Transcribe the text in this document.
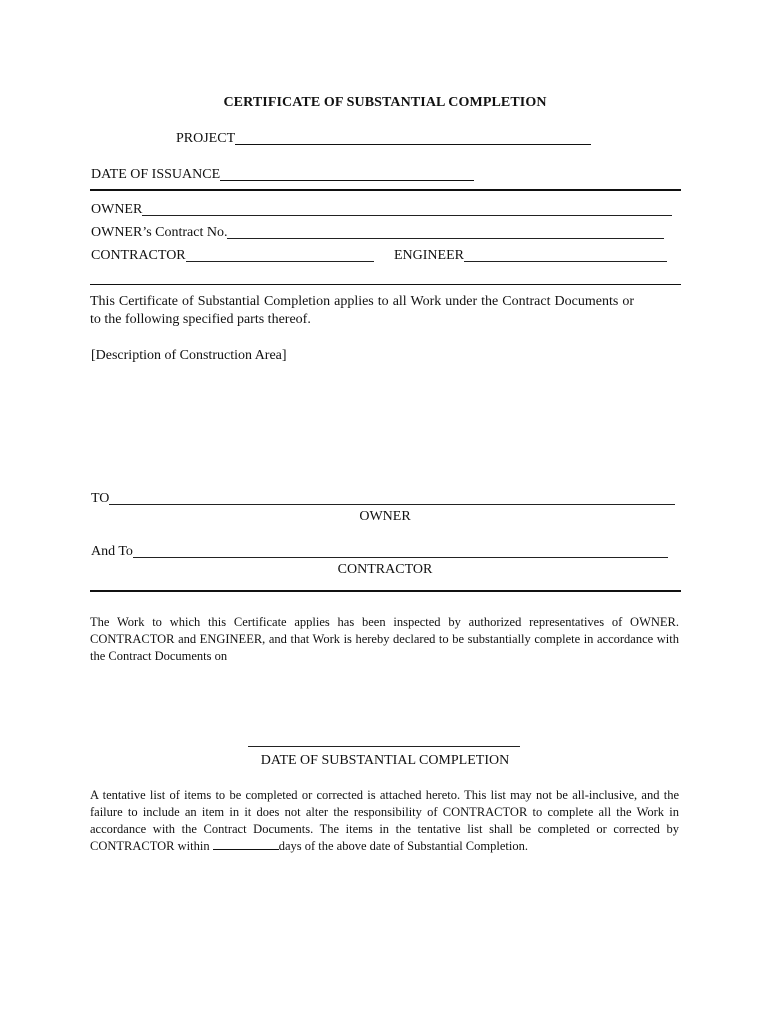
CERTIFICATE OF SUBSTANTIAL COMPLETION
PROJECT
DATE OF ISSUANCE
OWNER
OWNER’s Contract No.
CONTRACTOR	ENGINEER
This Certificate of Substantial Completion applies to all Work under the Contract Documents or to the following specified parts thereof.
[Description of Construction Area]
TO
OWNER
And To
CONTRACTOR
The Work to which this Certificate applies has been inspected by authorized representatives of OWNER. CONTRACTOR and ENGINEER, and that Work is hereby declared to be substantially complete in accordance with the Contract Documents on
DATE OF SUBSTANTIAL COMPLETION
A tentative list of items to be completed or corrected is attached hereto. This list may not be all-inclusive, and the failure to include an item in it does not alter the responsibility of CONTRACTOR to complete all the Work in accordance with the Contract Documents. The items in the tentative list shall be completed or corrected by CONTRACTOR within	days of the above date of Substantial Completion.
